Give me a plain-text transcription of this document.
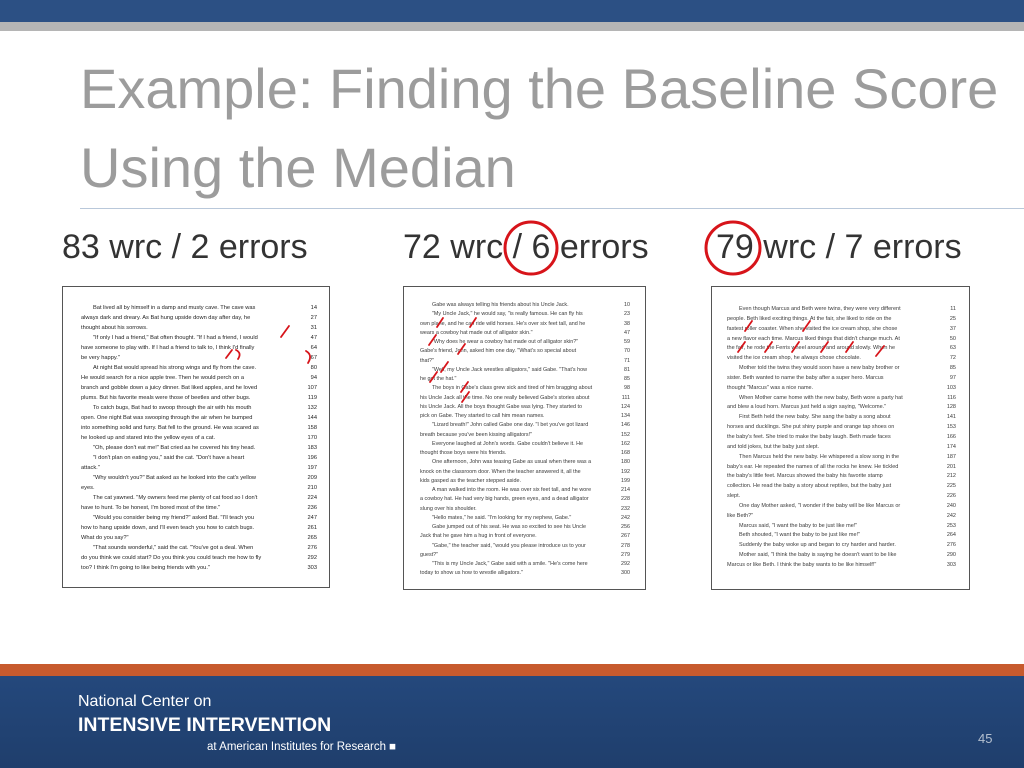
Example: Finding the Baseline Score Using the Median
83 wrc / 2 errors	72 wrc / 6 errors 79 wrc / 7 errors
Bat lived all by himself in a damp and musty cave. The cave was	14
always dark and dreary. As Bat hung upside down day after day, he	27
thought about his sorrows.	31
"If only I had a friend," Bat often thought. "If I had a friend, I would	47
have someone to play with. If I had a friend to talk to, I think I'd finally	64
be very happy."	67
At night Bat would spread his strong wings and fly from the cave.	80
He would search for a nice apple tree. Then he would perch on a	94
branch and gobble down a juicy dinner. Bat liked apples, and he loved	107
plums. But his favorite meals were those of beetles and other bugs.	119
To catch bugs, Bat had to swoop through the air with his mouth	132
open. One night Bat was swooping through the air when he bumped	144
into something solid and furry. Bat fell to the ground. He was scared as	158
he looked up and stared into the yellow eyes of a cat.	170
"Oh, please don't eat me!" Bat cried as he covered his tiny head.	183
"I don't plan on eating you," said the cat. "Don't have a heart	196
attack."	197
"Why wouldn't you?" Bat asked as he looked into the cat's yellow	209
eyes.	210
The cat yawned. "My owners feed me plenty of cat food so I don't	224
have to hunt. To be honest, I'm bored most of the time."	236
"Would you consider being my friend?" asked Bat. "I'll teach you	247
how to hang upside down, and I'll even teach you how to catch bugs.	261
What do you say?"	265
"That sounds wonderful," said the cat. "You've got a deal. When	276
do you think we could start? Do you think you could teach me how to fly	292
too? I think I'm going to like being friends with you."	303
Gabe was always telling his friends about his Uncle Jack.	10
"My Uncle Jack," he would say, "is really famous. He can fly his	23
own plane, and he can ride wild horses. He's over six feet tall, and he	38
wears a cowboy hat made out of alligator skin."	47
"Why does he wear a cowboy hat made out of alligator skin?"	59
Gabe's friend, John, asked him one day. "What's so special about	70
that?"	71
"Well, my Uncle Jack wrestles alligators," said Gabe. "That's how	81
he got the hat."	85
The boys in Gabe's class grew sick and tired of him bragging about	98
his Uncle Jack all the time. No one really believed Gabe's stories about	111
his Uncle Jack. All the boys thought Gabe was lying. They started to	124
pick on Gabe. They started to call him mean names.	134
"Lizard breath!" John called Gabe one day. "I bet you've got lizard	146
breath because you've been kissing alligators!"	152
Everyone laughed at John's words. Gabe couldn't believe it. He	162
thought those boys were his friends.	168
One afternoon, John was teasing Gabe as usual when there was a	180
knock on the classroom door. When the teacher answered it, all the	192
kids gasped as the teacher stepped aside.	199
A man walked into the room. He was over six feet tall, and he wore	214
a cowboy hat. He had very big hands, green eyes, and a dead alligator	228
slung over his shoulder.	232
"Hello mates," he said. "I'm looking for my nephew, Gabe."	242
Gabe jumped out of his seat. He was so excited to see his Uncle	256
Jack that he gave him a hug in front of everyone.	267
"Gabe," the teacher said, "would you please introduce us to your	278
guest?"	279
"This is my Uncle Jack," Gabe said with a smile. "He's come here	292
today to show us how to wrestle alligators."	300
Even though Marcus and Beth were twins, they were very different	11
people. Beth liked exciting things. At the fair, she liked to ride on the	25
fastest roller coaster. When she visited the ice cream shop, she chose	37
a new flavor each time. Marcus liked things that didn't change much. At	50
the fair, he rode the Ferris wheel around and around slowly. When he	63
visited the ice cream shop, he always chose chocolate.	72
Mother told the twins they would soon have a new baby brother or	85
sister. Beth wanted to name the baby after a super hero. Marcus	97
thought "Marcus" was a nice name.	103
When Mother came home with the new baby, Beth wore a party hat	116
and blew a loud horn. Marcus just held a sign saying, "Welcome."	128
First Beth held the new baby. She sang the baby a song about	141
horses and ducklings. She put shiny purple and orange tap shoes on	153
the baby's feet. She tried to make the baby laugh. Beth made faces	166
and told jokes, but the baby just slept.	174
Then Marcus held the new baby. He whispered a slow song in the	187
baby's ear. He repeated the names of all the rocks he knew. He tickled	201
the baby's little feet. Marcus showed the baby his favorite stamp	212
collection. He read the baby a story about reptiles, but the baby just	225
slept.	226
One day Mother asked, "I wonder if the baby will be like Marcus or	240
like Beth?"	242
Marcus said, "I want the baby to be just like me!"	253
Beth shouted, "I want the baby to be just like me!"	264
Suddenly the baby woke up and began to cry harder and harder.	276
Mother said, "I think the baby is saying he doesn't want to be like	290
Marcus or like Beth. I think the baby wants to be like himself!"	303
National Center on
INTENSIVE INTERVENTION
at American Institutes for Research ■
45
